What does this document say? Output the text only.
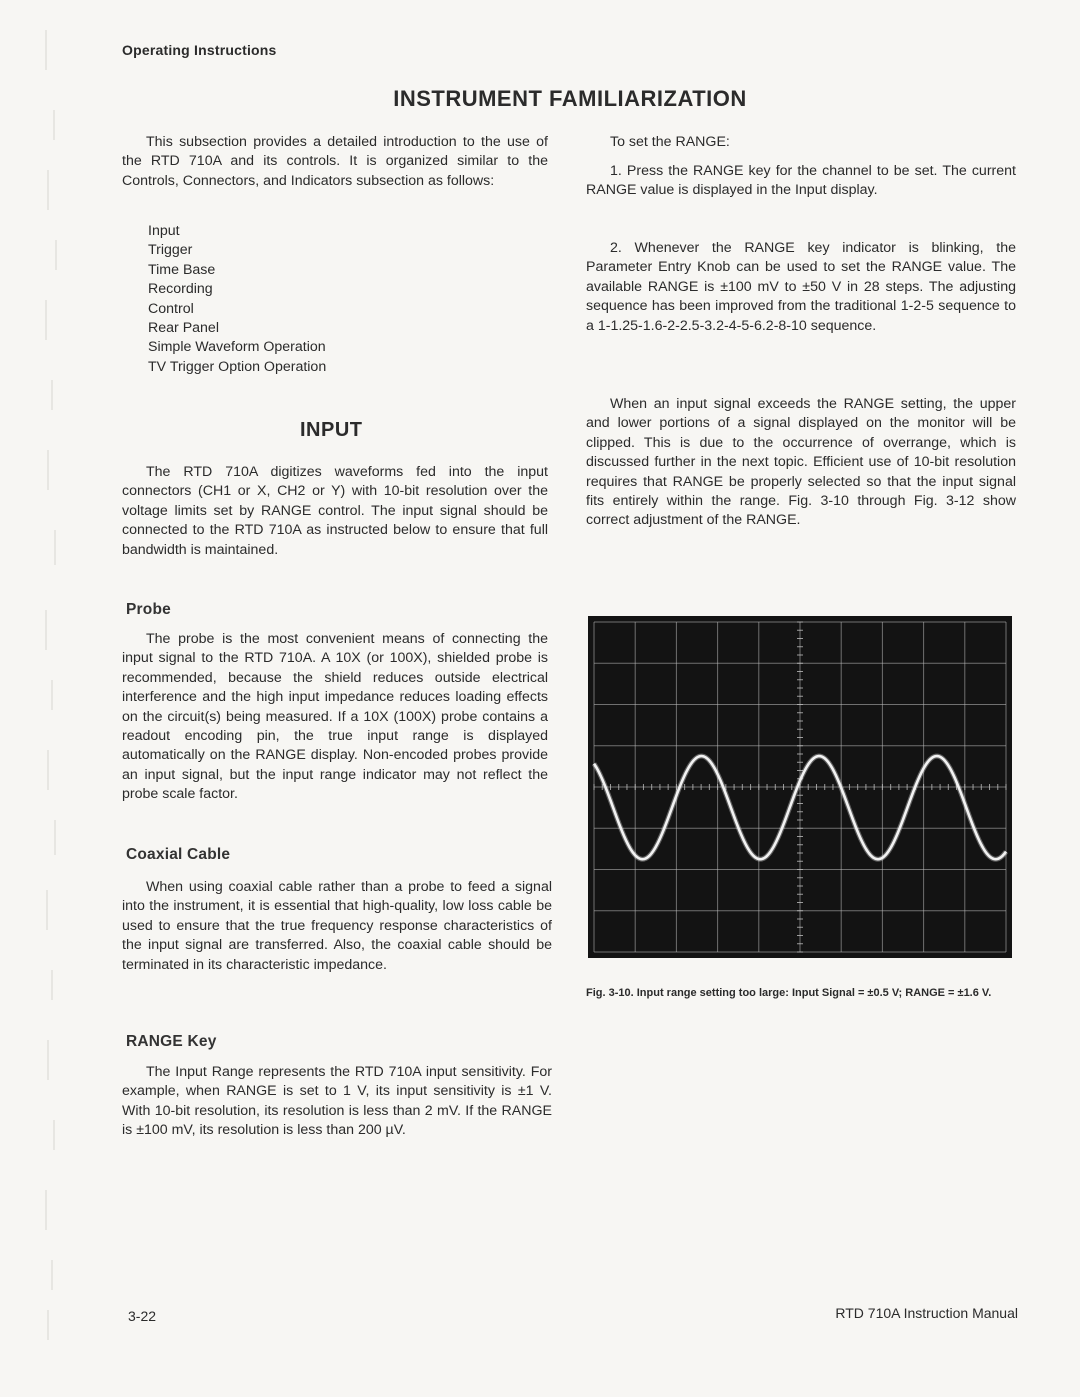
Operating Instructions
INSTRUMENT FAMILIARIZATION
This subsection provides a detailed introduction to the use of the RTD 710A and its controls. It is organized similar to the Controls, Connectors, and Indicators subsection as follows:
Input
Trigger
Time Base
Recording
Control
Rear Panel
Simple Waveform Operation
TV Trigger Option Operation
INPUT
The RTD 710A digitizes waveforms fed into the input connectors (CH1 or X, CH2 or Y) with 10-bit resolution over the voltage limits set by RANGE control. The input signal should be connected to the RTD 710A as instructed below to ensure that full bandwidth is maintained.
Probe
The probe is the most convenient means of connecting the input signal to the RTD 710A. A 10X (or 100X), shielded probe is recommended, because the shield reduces outside electrical interference and the high input impedance reduces loading effects on the circuit(s) being measured. If a 10X (100X) probe contains a readout encoding pin, the true input range is displayed automatically on the RANGE display. Non-encoded probes provide an input signal, but the input range indicator may not reflect the probe scale factor.
Coaxial Cable
When using coaxial cable rather than a probe to feed a signal into the instrument, it is essential that high-quality, low loss cable be used to ensure that the true frequency response characteristics of the input signal are transferred. Also, the coaxial cable should be terminated in its characteristic impedance.
RANGE Key
The Input Range represents the RTD 710A input sensitivity. For example, when RANGE is set to 1 V, its input sensitivity is ±1 V. With 10-bit resolution, its resolution is less than 2 mV. If the RANGE is ±100 mV, its resolution is less than 200 µV.
To set the RANGE:
1. Press the RANGE key for the channel to be set. The current RANGE value is displayed in the Input display.
2. Whenever the RANGE key indicator is blinking, the Parameter Entry Knob can be used to set the RANGE value. The available RANGE is ±100 mV to ±50 V in 28 steps. The adjusting sequence has been improved from the traditional 1-2-5 sequence to a 1-1.25-1.6-2-2.5-3.2-4-5-6.2-8-10 sequence.
When an input signal exceeds the RANGE setting, the upper and lower portions of a signal displayed on the monitor will be clipped. This is due to the occurrence of overrange, which is discussed further in the next topic. Efficient use of 10-bit resolution requires that RANGE be properly selected so that the input signal fits entirely within the range. Fig. 3-10 through Fig. 3-12 show correct adjustment of the RANGE.
Fig. 3-10. Input range setting too large: Input Signal = ±0.5 V; RANGE = ±1.6 V.
3-22	RTD 710A Instruction Manual
